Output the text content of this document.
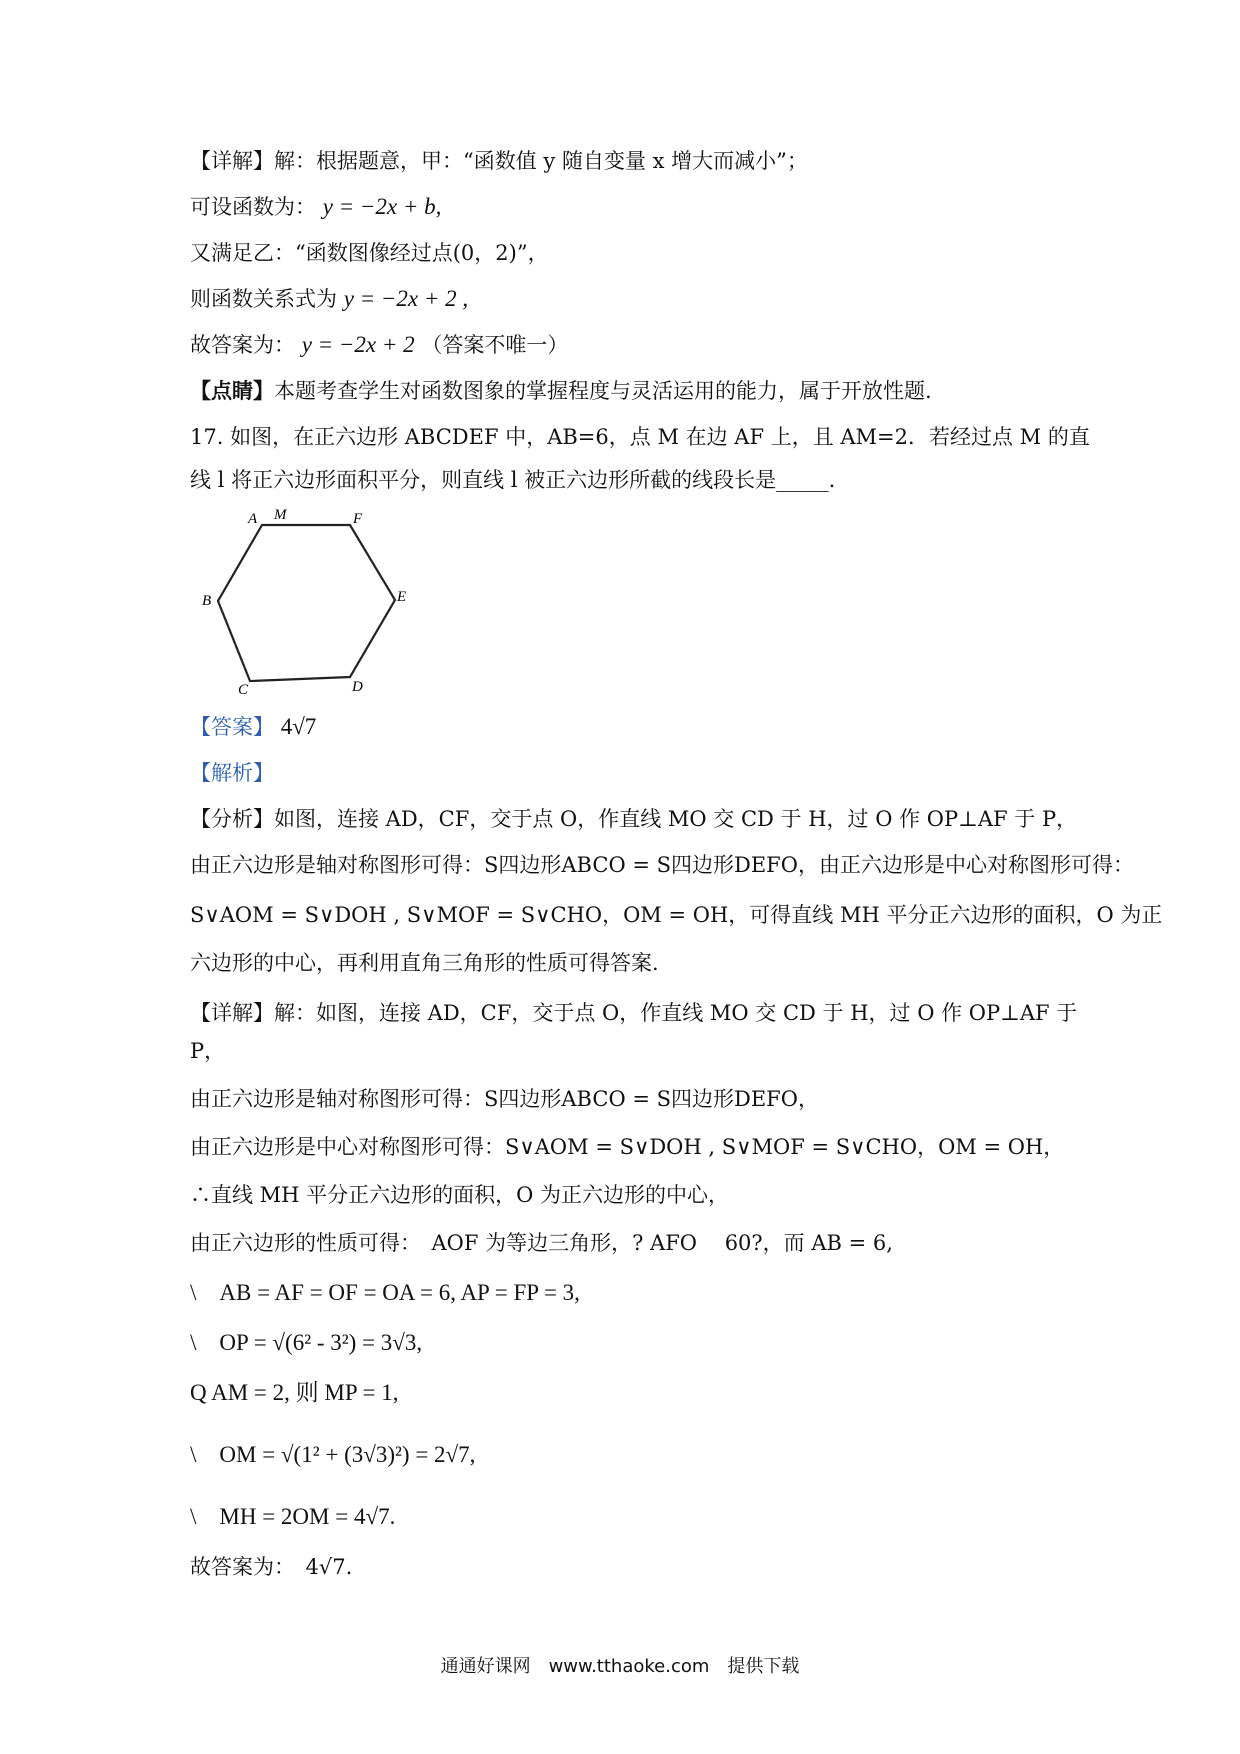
【详解】解：根据题意，甲：“函数值 y 随自变量 x 增大而减小”；
可设函数为： y = −2x + b,
又满足乙：“函数图像经过点(0，2)”，
则函数关系式为 y = −2x + 2 ,
故答案为： y = −2x + 2 （答案不唯一）
【点睛】本题考查学生对函数图象的掌握程度与灵活运用的能力，属于开放性题.
17. 如图，在正六边形 ABCDEF 中，AB=6，点 M 在边 AF 上，且 AM=2．若经过点 M 的直
线 l 将正六边形面积平分，则直线 l 被正六边形所截的线段长是_____.
A M	F
B	E
C	D
【答案】 4√7
【解析】
【分析】如图，连接 AD，CF，交于点 O，作直线 MO 交 CD 于 H，过 O 作 OP⊥AF 于 P，
由正六边形是轴对称图形可得：S四边形ABCO = S四边形DEFO，由正六边形是中心对称图形可得：
S∨AOM = S∨DOH , S∨MOF = S∨CHO，OM = OH，可得直线 MH 平分正六边形的面积，O 为正
六边形的中心，再利用直角三角形的性质可得答案.
【详解】解：如图，连接 AD，CF，交于点 O，作直线 MO 交 CD 于 H，过 O 作 OP⊥AF 于
P，
由正六边形是轴对称图形可得：S四边形ABCO = S四边形DEFO，
由正六边形是中心对称图形可得：S∨AOM = S∨DOH , S∨MOF = S∨CHO，OM = OH，
∴直线 MH 平分正六边形的面积，O 为正六边形的中心，
由正六边形的性质可得：　AOF 为等边三角形，? AFO　 60?，而 AB = 6,
\　AB = AF = OF = OA = 6, AP = FP = 3,
\　OP = √(6² - 3²) = 3√3,
Q AM = 2, 则 MP = 1,
\　OM = √(1² + (3√3)²) = 2√7,
\　MH = 2OM = 4√7.
故答案为：　4√7.
通通好课网　www.tthaoke.com　提供下载
